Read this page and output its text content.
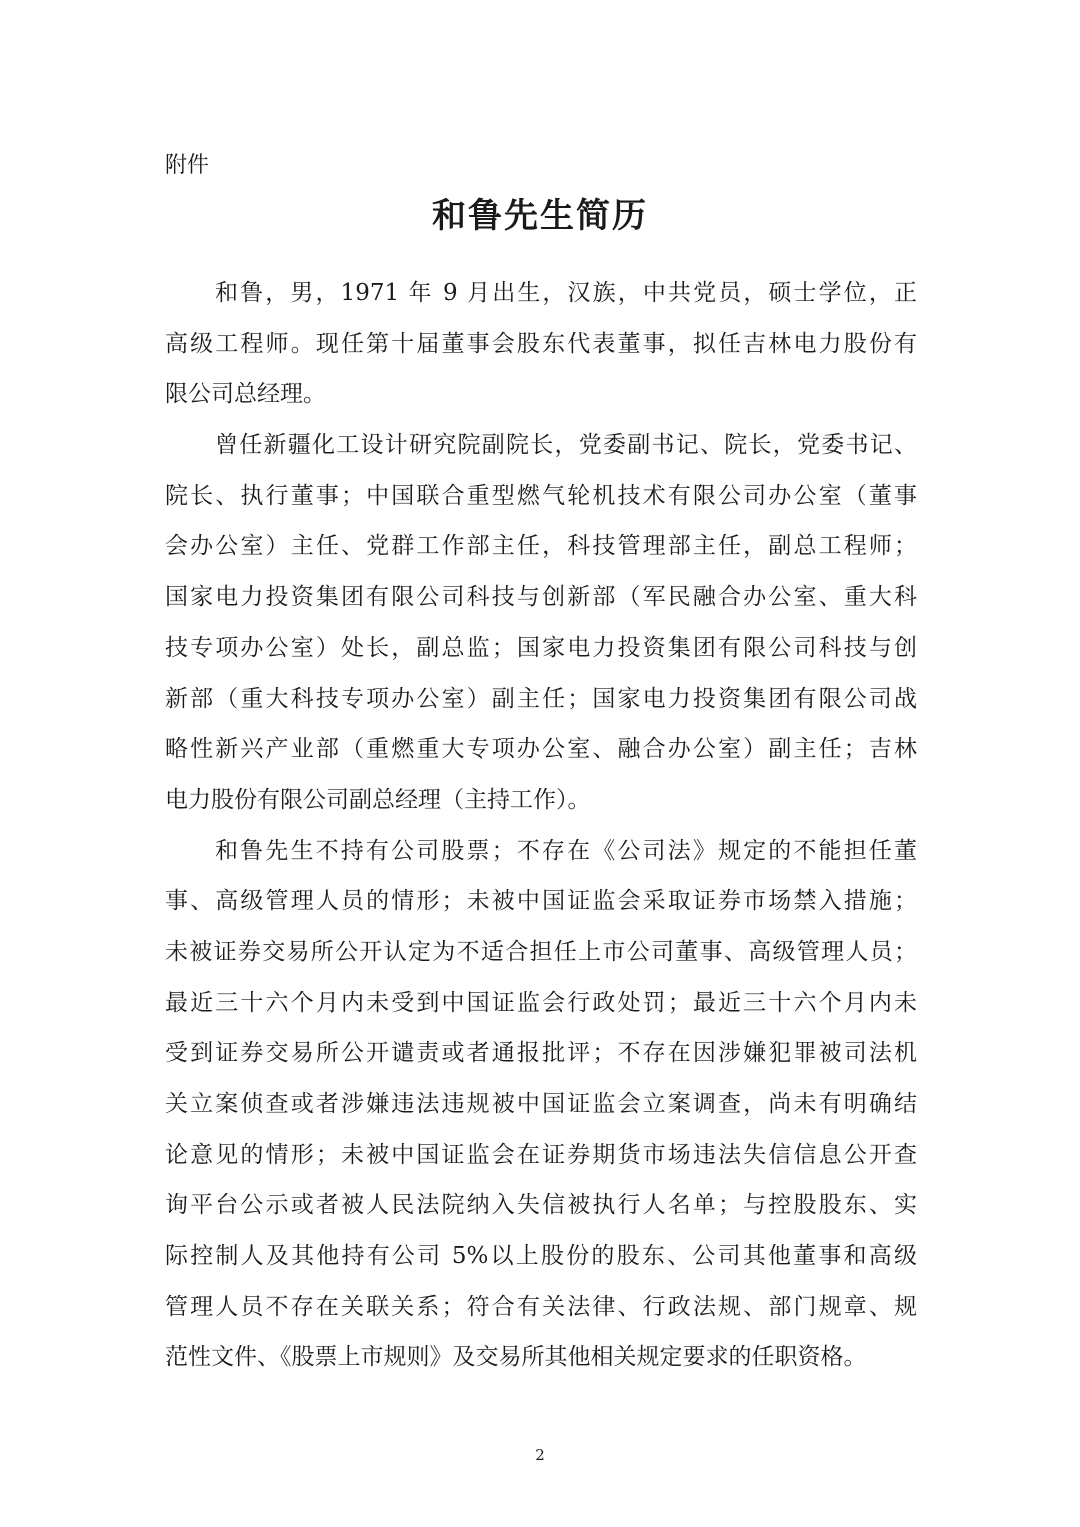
附件
和鲁先生简历
和鲁，男，1971 年 9 月出生，汉族，中共党员，硕士学位，正
高级工程师。现任第十届董事会股东代表董事，拟任吉林电力股份有
限公司总经理。
曾任新疆化工设计研究院副院长，党委副书记、院长，党委书记、
院长、执行董事；中国联合重型燃气轮机技术有限公司办公室（董事
会办公室）主任、党群工作部主任，科技管理部主任，副总工程师；
国家电力投资集团有限公司科技与创新部（军民融合办公室、重大科
技专项办公室）处长，副总监；国家电力投资集团有限公司科技与创
新部（重大科技专项办公室）副主任；国家电力投资集团有限公司战
略性新兴产业部（重燃重大专项办公室、融合办公室）副主任；吉林
电力股份有限公司副总经理（主持工作）。
和鲁先生不持有公司股票；不存在《公司法》规定的不能担任董
事、高级管理人员的情形；未被中国证监会采取证券市场禁入措施；
未被证券交易所公开认定为不适合担任上市公司董事、高级管理人员；
最近三十六个月内未受到中国证监会行政处罚；最近三十六个月内未
受到证券交易所公开谴责或者通报批评；不存在因涉嫌犯罪被司法机
关立案侦查或者涉嫌违法违规被中国证监会立案调查，尚未有明确结
论意见的情形；未被中国证监会在证券期货市场违法失信信息公开查
询平台公示或者被人民法院纳入失信被执行人名单；与控股股东、实
际控制人及其他持有公司 5%以上股份的股东、公司其他董事和高级
管理人员不存在关联关系；符合有关法律、行政法规、部门规章、规
范性文件、《股票上市规则》及交易所其他相关规定要求的任职资格。
2
